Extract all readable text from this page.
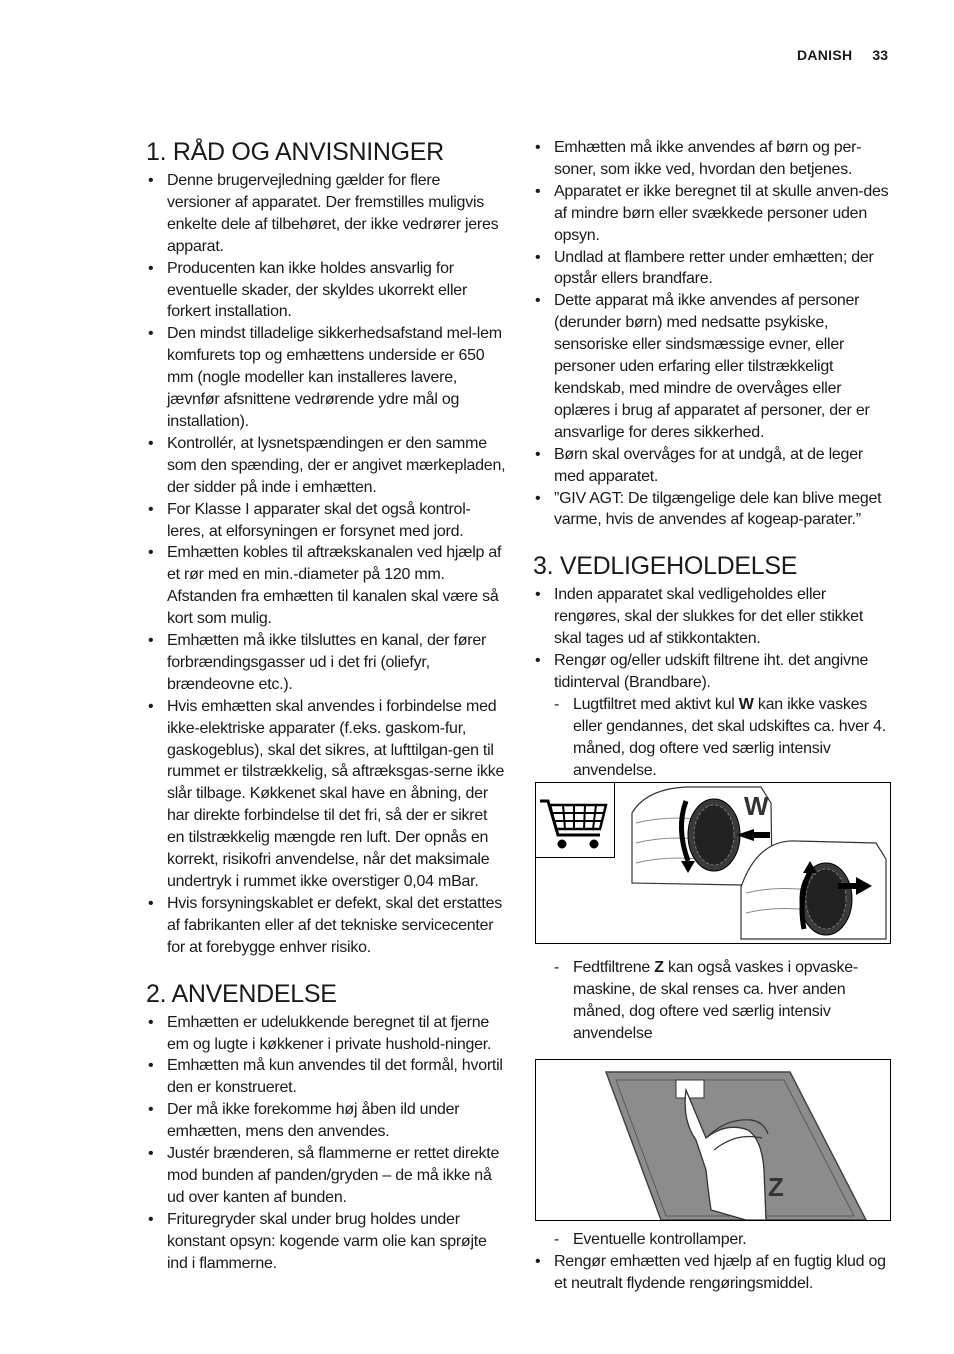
DANISH 33
1. RÅD OG ANVISNINGER
• Denne brugervejledning gælder for flere versioner af apparatet. Der fremstilles muligvis enkelte dele af tilbehøret, der ikke vedrører jeres apparat.
• Producenten kan ikke holdes ansvarlig for eventuelle skader, der skyldes ukorrekt eller forkert installation.
• Den mindst tilladelige sikkerhedsafstand mel-lem komfurets top og emhættens underside er 650 mm (nogle modeller kan installeres lavere, jævnfør afsnittene vedrørende ydre mål og installation).
• Kontrollér, at lysnetspændingen er den samme som den spænding, der er angivet mærkepladen, der sidder på inde i emhætten.
• For Klasse I apparater skal det også kontrol-leres, at elforsyningen er forsynet med jord.
• Emhætten kobles til aftrækskanalen ved hjælp af et rør med en min.-diameter på 120 mm. Afstanden fra emhætten til kanalen skal være så kort som mulig.
• Emhætten må ikke tilsluttes en kanal, der fører forbrændingsgasser ud i det fri (oliefyr, brændeovne etc.).
• Hvis emhætten skal anvendes i forbindelse med ikke-elektriske apparater (f.eks. gaskom-fur, gaskogeblus), skal det sikres, at lufttilgan-gen til rummet er tilstrækkelig, så aftræksgas-serne ikke slår tilbage. Køkkenet skal have en åbning, der har direkte forbindelse til det fri, så der er sikret en tilstrækkelig mængde ren luft. Der opnås en korrekt, risikofri anvendelse, når det maksimale undertryk i rummet ikke overstiger 0,04 mBar.
• Hvis forsyningskablet er defekt, skal det erstattes af fabrikanten eller af det tekniske servicecenter for at forebygge enhver risiko.
2. ANVENDELSE
• Emhætten er udelukkende beregnet til at fjerne em og lugte i køkkener i private hushold-ninger.
• Emhætten må kun anvendes til det formål, hvortil den er konstrueret.
• Der må ikke forekomme høj åben ild under emhætten, mens den anvendes.
• Justér brænderen, så flammerne er rettet direkte mod bunden af panden/gryden – de må ikke nå ud over kanten af bunden.
• Frituregryder skal under brug holdes under konstant opsyn: kogende varm olie kan sprøjte ind i flammerne.
• Emhætten må ikke anvendes af børn og per-soner, som ikke ved, hvordan den betjenes.
• Apparatet er ikke beregnet til at skulle anven-des af mindre børn eller svækkede personer uden opsyn.
• Undlad at flambere retter under emhætten; der opstår ellers brandfare.
• Dette apparat må ikke anvendes af personer (derunder børn) med nedsatte psykiske, sensoriske eller sindsmæssige evner, eller personer uden erfaring eller tilstrækkeligt kendskab, med mindre de overvåges eller oplæres i brug af apparatet af personer, der er ansvarlige for deres sikkerhed.
• Børn skal overvåges for at undgå, at de leger med apparatet.
• ”GIV AGT: De tilgængelige dele kan blive meget varme, hvis de anvendes af kogeap-parater.”
3. VEDLIGEHOLDELSE
• Inden apparatet skal vedligeholdes eller rengøres, skal der slukkes for det eller stikket skal tages ud af stikkontakten.
• Rengør og/eller udskift filtrene iht. det angivne tidinterval (Brandbare).
- Lugtfiltret med aktivt kul W kan ikke vaskes eller gendannes, det skal udskiftes ca. hver 4. måned, dog oftere ved særlig intensiv anvendelse.
W
- Fedtfiltrene Z kan også vaskes i opvaske-maskine, de skal renses ca. hver anden måned, dog oftere ved særlig intensiv anvendelse
Z
- Eventuelle kontrollamper.
• Rengør emhætten ved hjælp af en fugtig klud og et neutralt flydende rengøringsmiddel.
